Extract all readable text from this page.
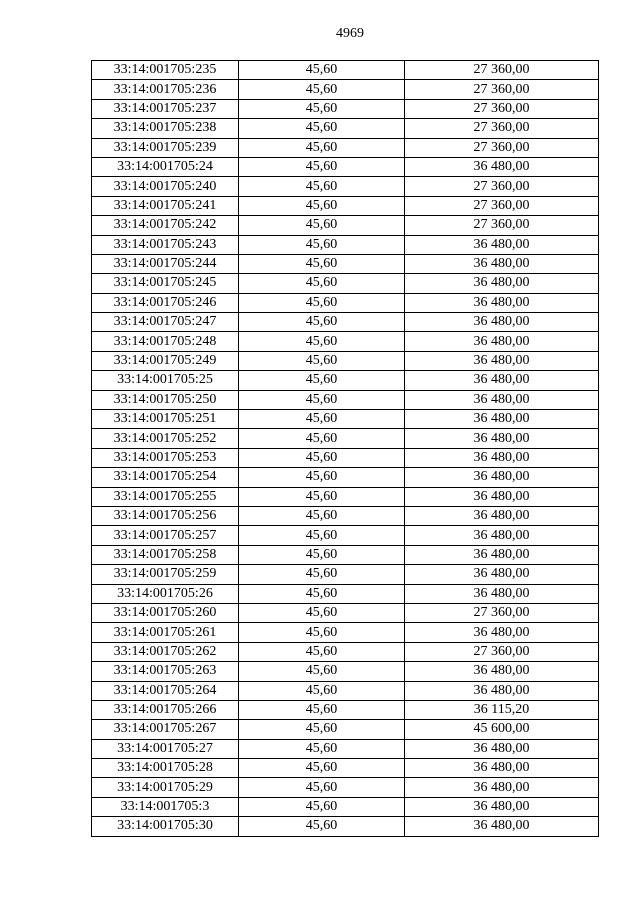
4969
33:14:001705:235	45,60	27 360,00
33:14:001705:236	45,60	27 360,00
33:14:001705:237	45,60	27 360,00
33:14:001705:238	45,60	27 360,00
33:14:001705:239	45,60	27 360,00
33:14:001705:24	45,60	36 480,00
33:14:001705:240	45,60	27 360,00
33:14:001705:241	45,60	27 360,00
33:14:001705:242	45,60	27 360,00
33:14:001705:243	45,60	36 480,00
33:14:001705:244	45,60	36 480,00
33:14:001705:245	45,60	36 480,00
33:14:001705:246	45,60	36 480,00
33:14:001705:247	45,60	36 480,00
33:14:001705:248	45,60	36 480,00
33:14:001705:249	45,60	36 480,00
33:14:001705:25	45,60	36 480,00
33:14:001705:250	45,60	36 480,00
33:14:001705:251	45,60	36 480,00
33:14:001705:252	45,60	36 480,00
33:14:001705:253	45,60	36 480,00
33:14:001705:254	45,60	36 480,00
33:14:001705:255	45,60	36 480,00
33:14:001705:256	45,60	36 480,00
33:14:001705:257	45,60	36 480,00
33:14:001705:258	45,60	36 480,00
33:14:001705:259	45,60	36 480,00
33:14:001705:26	45,60	36 480,00
33:14:001705:260	45,60	27 360,00
33:14:001705:261	45,60	36 480,00
33:14:001705:262	45,60	27 360,00
33:14:001705:263	45,60	36 480,00
33:14:001705:264	45,60	36 480,00
33:14:001705:266	45,60	36 115,20
33:14:001705:267	45,60	45 600,00
33:14:001705:27	45,60	36 480,00
33:14:001705:28	45,60	36 480,00
33:14:001705:29	45,60	36 480,00
33:14:001705:3	45,60	36 480,00
33:14:001705:30	45,60	36 480,00
